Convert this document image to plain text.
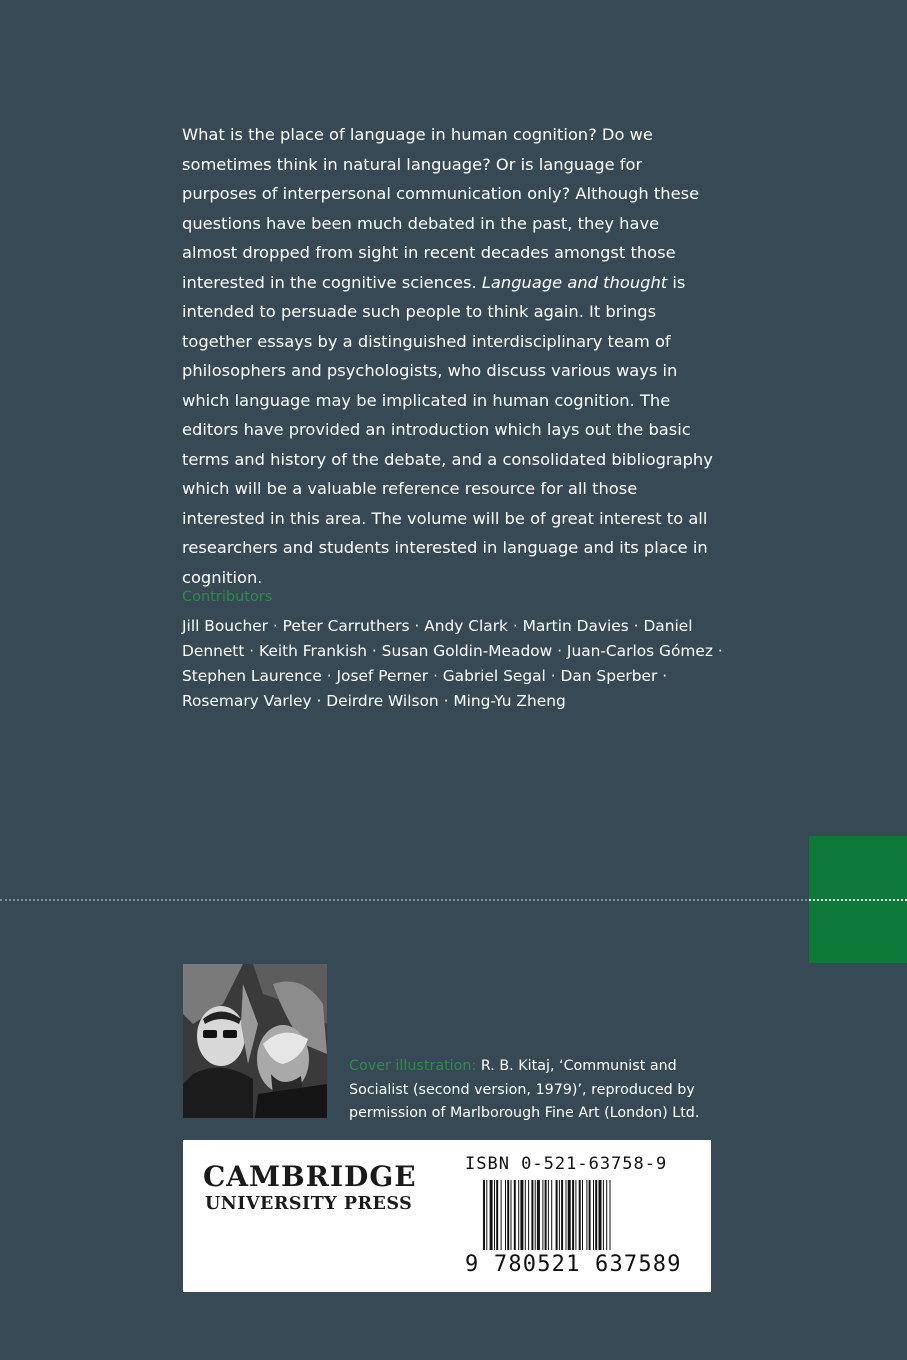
What is the place of language in human cognition? Do we sometimes think in natural language? Or is language for purposes of interpersonal communication only? Although these questions have been much debated in the past, they have almost dropped from sight in recent decades amongst those interested in the cognitive sciences. Language and thought is intended to persuade such people to think again. It brings together essays by a distinguished interdisciplinary team of philosophers and psychologists, who discuss various ways in which language may be implicated in human cognition. The editors have provided an introduction which lays out the basic terms and history of the debate, and a consolidated bibliography which will be a valuable reference resource for all those interested in this area. The volume will be of great interest to all researchers and students interested in language and its place in cognition.

Contributors

Jill Boucher · Peter Carruthers · Andy Clark · Martin Davies · Daniel Dennett · Keith Frankish · Susan Goldin-Meadow · Juan-Carlos Gómez · Stephen Laurence · Josef Perner · Gabriel Segal · Dan Sperber · Rosemary Varley · Deirdre Wilson · Ming-Yu Zheng

Cover illustration: R. B. Kitaj, ‘Communist and Socialist (second version, 1979)’, reproduced by permission of Marlborough Fine Art (London) Ltd.

CAMBRIDGE

UNIVERSITY PRESS

ISBN 0-521-63758-9
9 780521 637589
